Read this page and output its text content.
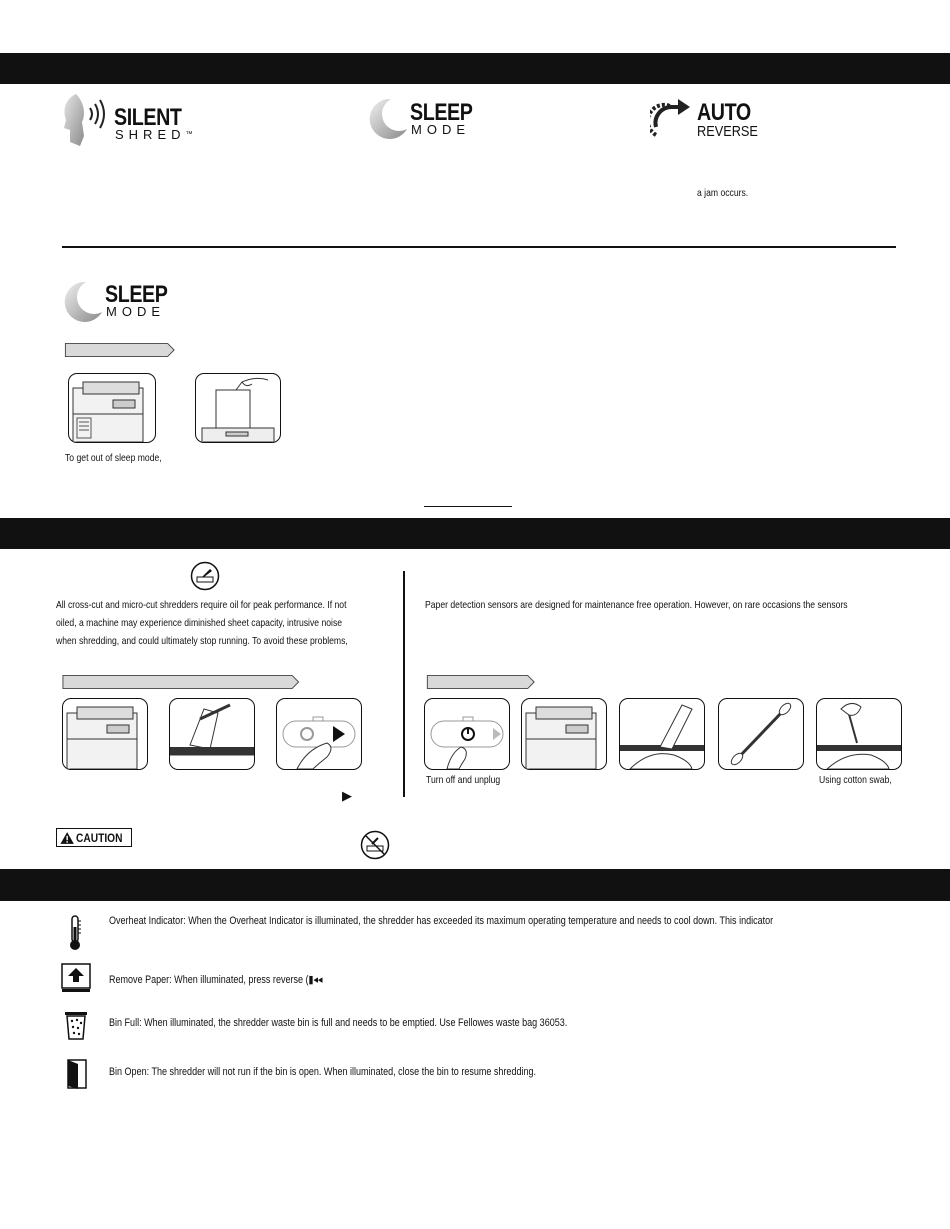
SILENT
SHRED™
SLEEP
MODE
AUTO
REVERSE
a jam occurs.
SLEEP
MODE
To get out of sleep mode,
All cross-cut and micro-cut shredders require oil for peak performance. If not
oiled, a machine may experience diminished sheet capacity, intrusive noise
when shredding, and could ultimately stop running. To avoid these problems,
▶
Paper detection sensors are designed for maintenance free operation. However, on rare occasions the sensors
Turn off and unplug	Using cotton swab,
CAUTION
Overheat Indicator: When the Overheat Indicator is illuminated, the shredder has exceeded its maximum operating temperature and needs to cool down. This indicator
Remove Paper: When illuminated, press reverse (▮◂◂
Bin Full: When illuminated, the shredder waste bin is full and needs to be emptied. Use Fellowes waste bag 36053.
Bin Open: The shredder will not run if the bin is open. When illuminated, close the bin to resume shredding.
